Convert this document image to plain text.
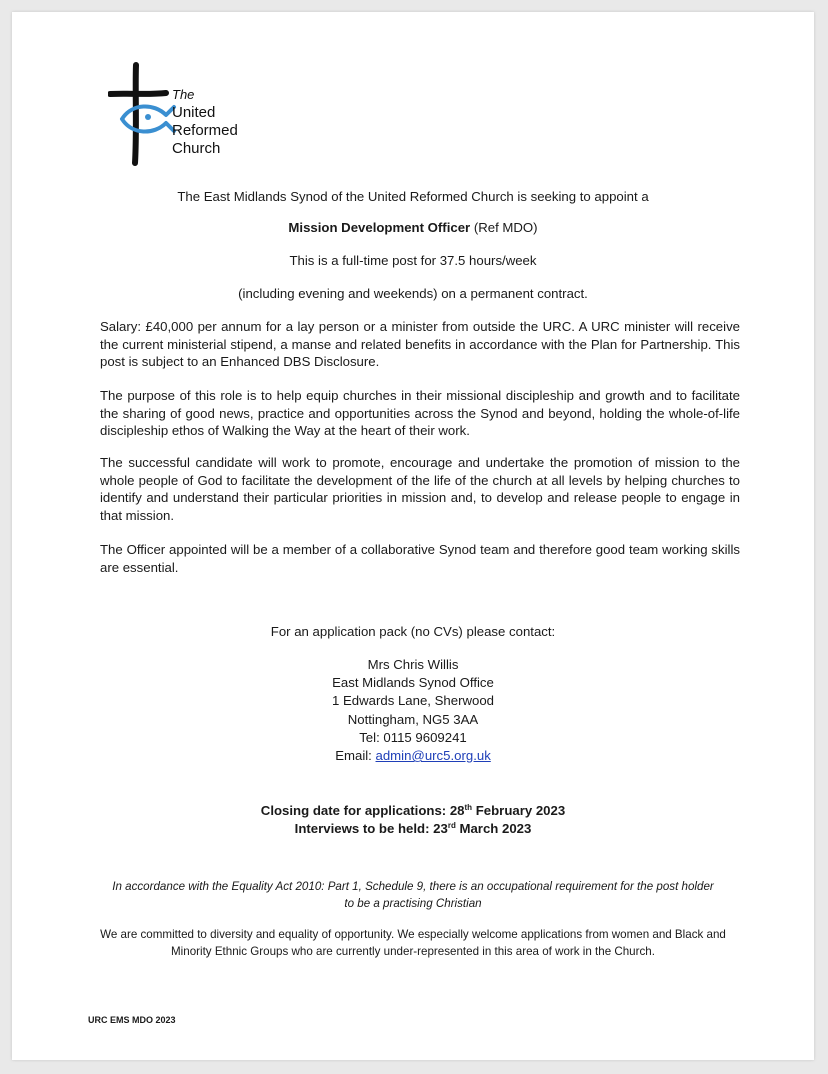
The
United
Reformed
Church
The East Midlands Synod of the United Reformed Church is seeking to appoint a
Mission Development Officer (Ref MDO)
This is a full-time post for 37.5 hours/week
(including evening and weekends) on a permanent contract.
Salary: £40,000 per annum for a lay person or a minister from outside the URC. A URC minister will receive the current ministerial stipend, a manse and related benefits in accordance with the Plan for Partnership. This post is subject to an Enhanced DBS Disclosure.
The purpose of this role is to help equip churches in their missional discipleship and growth and to facilitate the sharing of good news, practice and opportunities across the Synod and beyond, holding the whole-of-life discipleship ethos of Walking the Way at the heart of their work.
The successful candidate will work to promote, encourage and undertake the promotion of mission to the whole people of God to facilitate the development of the life of the church at all levels by helping churches to identify and understand their particular priorities in mission and, to develop and release people to engage in that mission.
The Officer appointed will be a member of a collaborative Synod team and therefore good team working skills are essential.
For an application pack (no CVs) please contact:
Mrs Chris Willis
East Midlands Synod Office
1 Edwards Lane, Sherwood
Nottingham, NG5 3AA
Tel: 0115 9609241
Email: admin@urc5.org.uk
Closing date for applications: 28th February 2023
Interviews to be held: 23rd March 2023
In accordance with the Equality Act 2010: Part 1, Schedule 9, there is an occupational requirement for the post holder to be a practising Christian
We are committed to diversity and equality of opportunity. We especially welcome applications from women and Black and Minority Ethnic Groups who are currently under-represented in this area of work in the Church.
URC EMS MDO 2023
